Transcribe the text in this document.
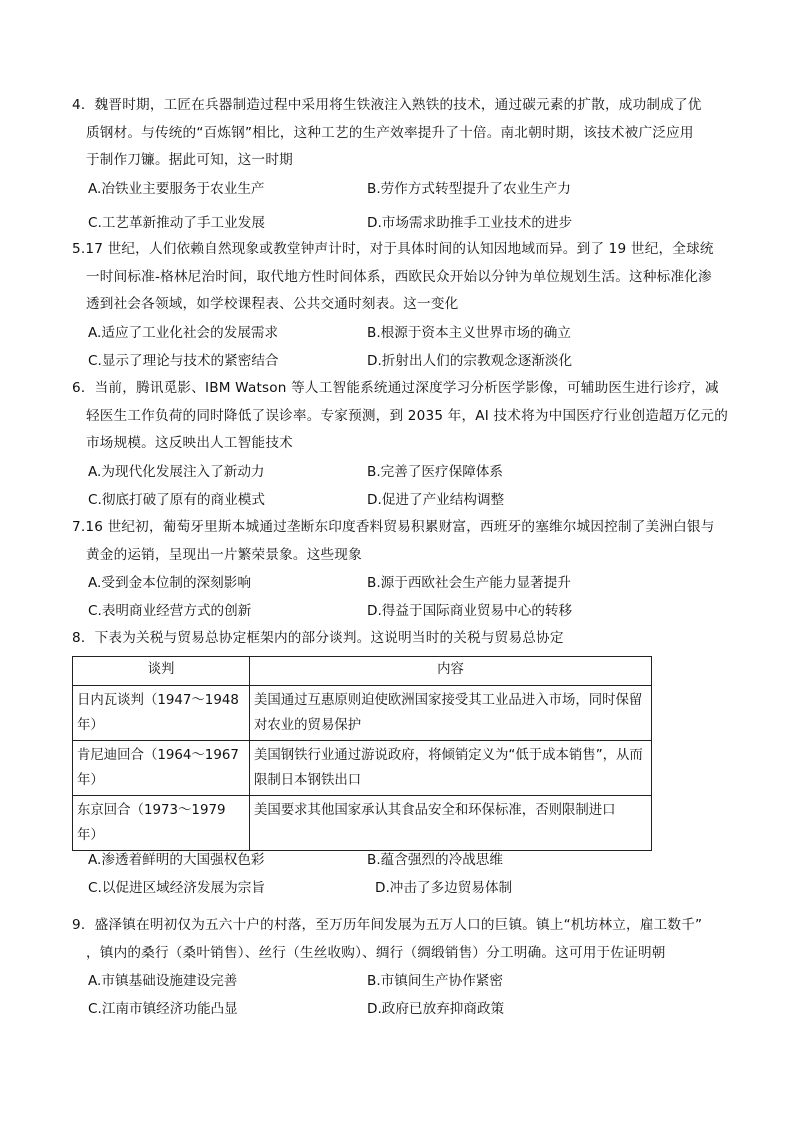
4．魏晋时期，工匠在兵器制造过程中采用将生铁液注入熟铁的技术，通过碳元素的扩散，成功制成了优
质钢材。与传统的“百炼钢”相比，这种工艺的生产效率提升了十倍。南北朝时期，该技术被广泛应用
于制作刀镰。据此可知，这一时期
A.冶铁业主要服务于农业生产	B.劳作方式转型提升了农业生产力
C.工艺革新推动了手工业发展	D.市场需求助推手工业技术的进步
5.17 世纪，人们依赖自然现象或教堂钟声计时，对于具体时间的认知因地域而异。到了 19 世纪，全球统
一时间标准-格林尼治时间，取代地方性时间体系，西欧民众开始以分钟为单位规划生活。这种标准化渗
透到社会各领域，如学校课程表、公共交通时刻表。这一变化
A.适应了工业化社会的发展需求	B.根源于资本主义世界市场的确立
C.显示了理论与技术的紧密结合	D.折射出人们的宗教观念逐渐淡化
6．当前，腾讯觅影、IBM Watson 等人工智能系统通过深度学习分析医学影像，可辅助医生进行诊疗，减
轻医生工作负荷的同时降低了误诊率。专家预测，到 2035 年，AI 技术将为中国医疗行业创造超万亿元的
市场规模。这反映出人工智能技术
A.为现代化发展注入了新动力	B.完善了医疗保障体系
C.彻底打破了原有的商业模式	D.促进了产业结构调整
7.16 世纪初，葡萄牙里斯本城通过垄断东印度香料贸易积累财富，西班牙的塞维尔城因控制了美洲白银与
黄金的运销，呈现出一片繁荣景象。这些现象
A.受到金本位制的深刻影响	B.源于西欧社会生产能力显著提升
C.表明商业经营方式的创新	D.得益于国际商业贸易中心的转移
8．下表为关税与贸易总协定框架内的部分谈判。这说明当时的关税与贸易总协定
谈判	内容
日内瓦谈判（1947～1948 年）	美国通过互惠原则迫使欧洲国家接受其工业品进入市场，同时保留对农业的贸易保护
肯尼迪回合（1964～1967 年）	美国钢铁行业通过游说政府，将倾销定义为“低于成本销售”，从而限制日本钢铁出口
东京回合（1973～1979 年）	美国要求其他国家承认其食品安全和环保标准，否则限制进口
A.渗透着鲜明的大国强权色彩	B.蕴含强烈的冷战思维
C.以促进区域经济发展为宗旨	D.冲击了多边贸易体制
9．盛泽镇在明初仅为五六十户的村落，至万历年间发展为五万人口的巨镇。镇上“机坊林立，雇工数千”
，镇内的桑行（桑叶销售）、丝行（生丝收购）、绸行（绸缎销售）分工明确。这可用于佐证明朝
A.市镇基础设施建设完善	B.市镇间生产协作紧密
C.江南市镇经济功能凸显	D.政府已放弃抑商政策
